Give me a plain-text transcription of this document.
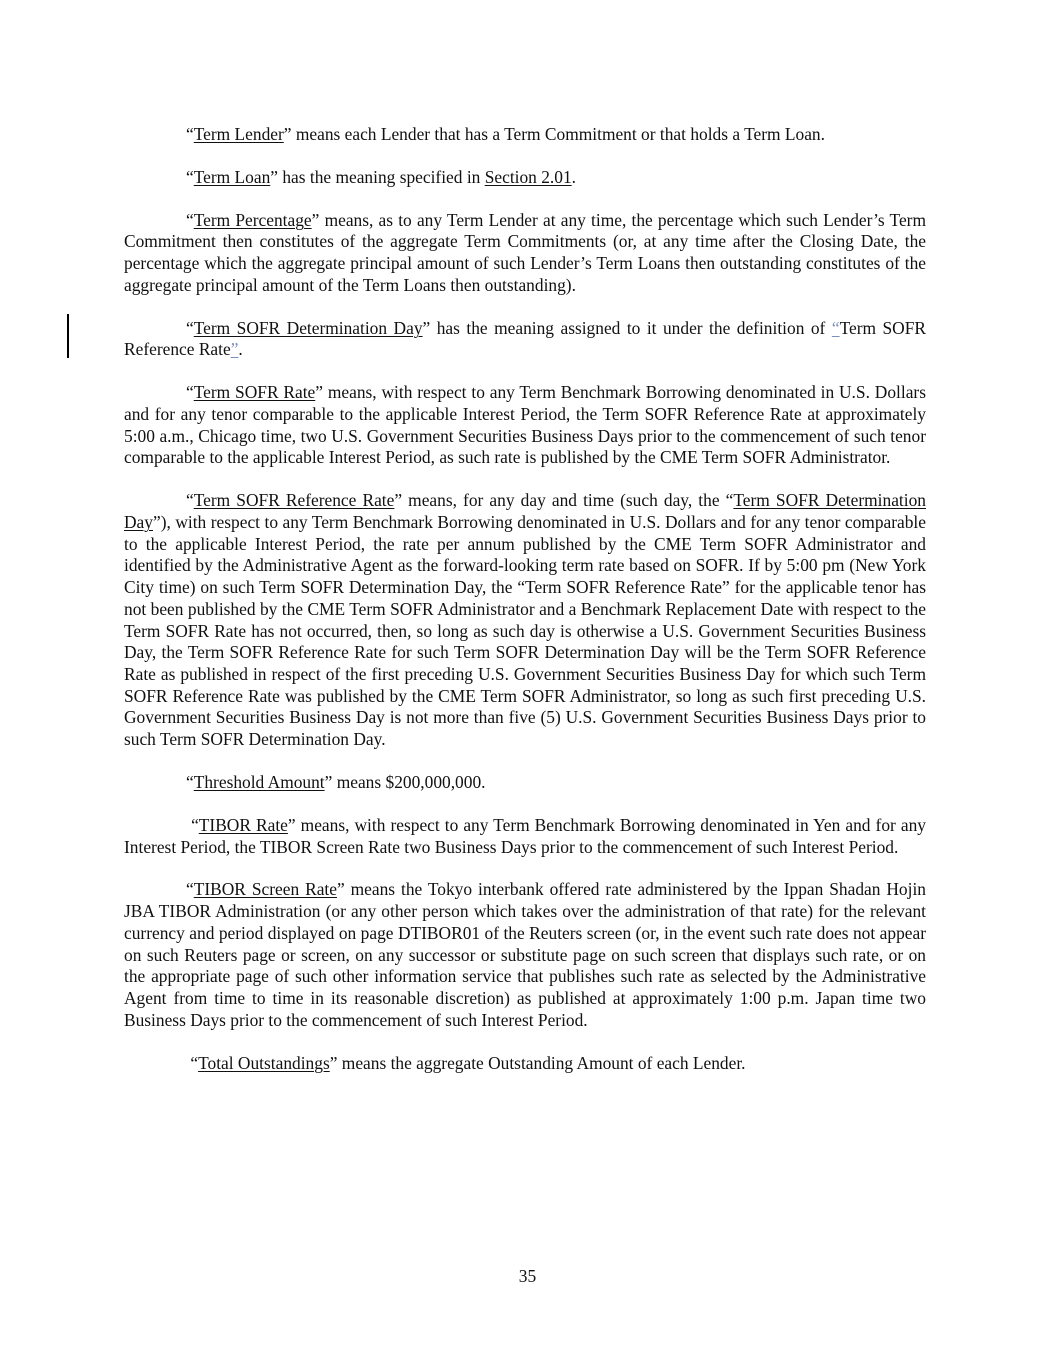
“Term Lender” means each Lender that has a Term Commitment or that holds a Term Loan.

“Term Loan” has the meaning specified in Section 2.01.

“Term Percentage” means, as to any Term Lender at any time, the percentage which such Lender’s Term Commitment then constitutes of the aggregate Term Commitments (or, at any time after the Closing Date, the percentage which the aggregate principal amount of such Lender’s Term Loans then outstanding constitutes of the aggregate principal amount of the Term Loans then outstanding).

“Term SOFR Determination Day” has the meaning assigned to it under the definition of “Term SOFR Reference Rate”.

“Term SOFR Rate” means, with respect to any Term Benchmark Borrowing denominated in U.S. Dollars and for any tenor comparable to the applicable Interest Period, the Term SOFR Reference Rate at approximately 5:00 a.m., Chicago time, two U.S. Government Securities Business Days prior to the commencement of such tenor comparable to the applicable Interest Period, as such rate is published by the CME Term SOFR Administrator.

“Term SOFR Reference Rate” means, for any day and time (such day, the “Term SOFR Determination Day”), with respect to any Term Benchmark Borrowing denominated in U.S. Dollars and for any tenor comparable to the applicable Interest Period, the rate per annum published by the CME Term SOFR Administrator and identified by the Administrative Agent as the forward-looking term rate based on SOFR. If by 5:00 pm (New York City time) on such Term SOFR Determination Day, the “Term SOFR Reference Rate” for the applicable tenor has not been published by the CME Term SOFR Administrator and a Benchmark Replacement Date with respect to the Term SOFR Rate has not occurred, then, so long as such day is otherwise a U.S. Government Securities Business Day, the Term SOFR Reference Rate for such Term SOFR Determination Day will be the Term SOFR Reference Rate as published in respect of the first preceding U.S. Government Securities Business Day for which such Term SOFR Reference Rate was published by the CME Term SOFR Administrator, so long as such first preceding U.S. Government Securities Business Day is not more than five (5) U.S. Government Securities Business Days prior to such Term SOFR Determination Day.

“Threshold Amount” means $200,000,000.

“TIBOR Rate” means, with respect to any Term Benchmark Borrowing denominated in Yen and for any Interest Period, the TIBOR Screen Rate two Business Days prior to the commencement of such Interest Period.

“TIBOR Screen Rate” means the Tokyo interbank offered rate administered by the Ippan Shadan Hojin JBA TIBOR Administration (or any other person which takes over the administration of that rate) for the relevant currency and period displayed on page DTIBOR01 of the Reuters screen (or, in the event such rate does not appear on such Reuters page or screen, on any successor or substitute page on such screen that displays such rate, or on the appropriate page of such other information service that publishes such rate as selected by the Administrative Agent from time to time in its reasonable discretion) as published at approximately 1:00 p.m. Japan time two Business Days prior to the commencement of such Interest Period.

“Total Outstandings” means the aggregate Outstanding Amount of each Lender.

35
